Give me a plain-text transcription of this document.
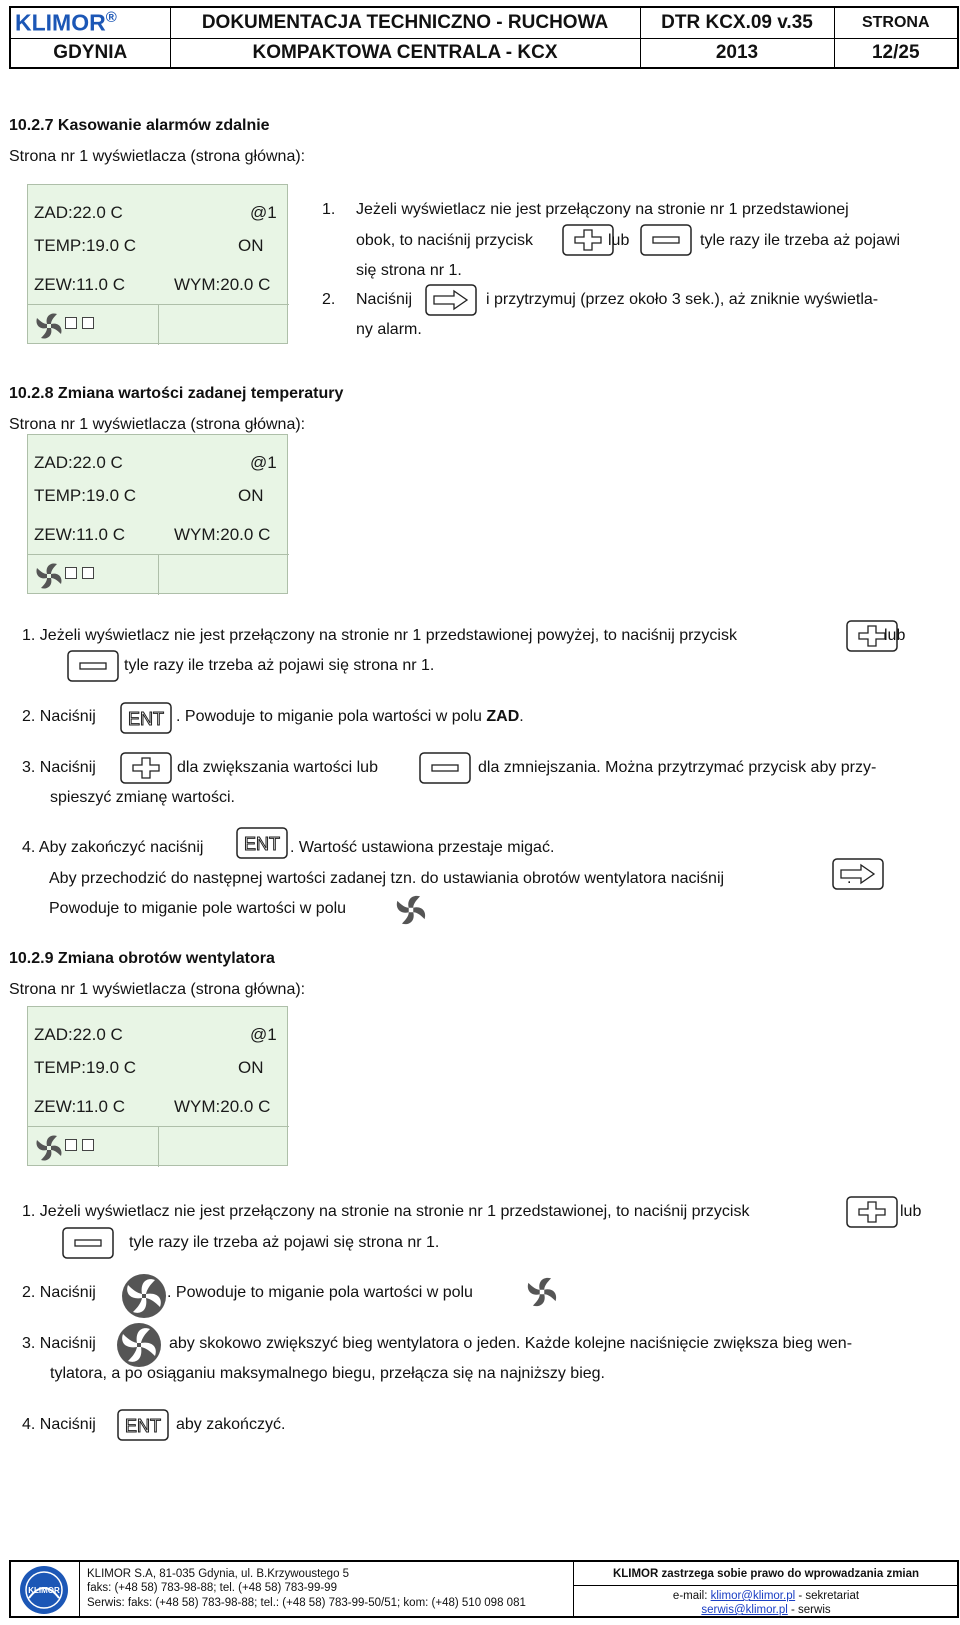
KLIMOR®	DOKUMENTACJA TECHNICZNO - RUCHOWA	DTR KCX.09 v.35	STRONA
GDYNIA	KOMPAKTOWA CENTRALA - KCX	2013	12/25
10.2.7 Kasowanie alarmów zdalnie
Strona nr 1 wyświetlacza (strona główna):
ZAD:22.0 C	@1
TEMP:19.0 C	ON
ZEW:11.0 C	WYM:20.0 C
1. Jeżeli wyświetlacz nie jest przełączony na stronie nr 1 przedstawionej
obok, to naciśnij przycisk	lub	tyle razy ile trzeba aż pojawi
się strona nr 1.
2. Naciśnij	i przytrzymuj (przez około 3 sek.), aż zniknie wyświetla-
ny alarm.
10.2.8 Zmiana wartości zadanej temperatury
Strona nr 1 wyświetlacza (strona główna):
ZAD:22.0 C	@1
TEMP:19.0 C	ON
ZEW:11.0 C	WYM:20.0 C
1. Jeżeli wyświetlacz nie jest przełączony na stronie nr 1 przedstawionej powyżej, to naciśnij przycisk	lub
tyle razy ile trzeba aż pojawi się strona nr 1.
2. Naciśnij ENT . Powoduje to miganie pola wartości w polu ZAD.
3. Naciśnij	dla zwiększania wartości lub	dla zmniejszania. Można przytrzymać przycisk aby przy-
spieszyć zmianę wartości.
4. Aby zakończyć naciśnij ENT . Wartość ustawiona przestaje migać.
Aby przechodzić do następnej wartości zadanej tzn. do ustawiania obrotów wentylatora naciśnij	.
Powoduje to miganie pole wartości w polu
10.2.9 Zmiana obrotów wentylatora
Strona nr 1 wyświetlacza (strona główna):
ZAD:22.0 C	@1
TEMP:19.0 C	ON
ZEW:11.0 C	WYM:20.0 C
1. Jeżeli wyświetlacz nie jest przełączony na stronie na stronie nr 1 przedstawionej, to naciśnij przycisk	lub
tyle razy ile trzeba aż pojawi się strona nr 1.
2. Naciśnij	. Powoduje to miganie pola wartości w polu
3. Naciśnij	aby skokowo zwiększyć bieg wentylatora o jeden. Każde kolejne naciśnięcie zwiększa bieg wen-
tylatora, a po osiąganiu maksymalnego biegu, przełącza się na najniższy bieg.
4. Naciśnij ENT aby zakończyć.
KLIMOR
KLIMOR S.A, 81-035 Gdynia, ul. B.Krzywoustego 5
faks: (+48 58) 783-98-88; tel. (+48 58) 783-99-99
Serwis: faks: (+48 58) 783-98-88; tel.: (+48 58) 783-99-50/51; kom: (+48) 510 098 081
KLIMOR zastrzega sobie prawo do wprowadzania zmian
e-mail: klimor@klimor.pl - sekretariat
serwis@klimor.pl - serwis
